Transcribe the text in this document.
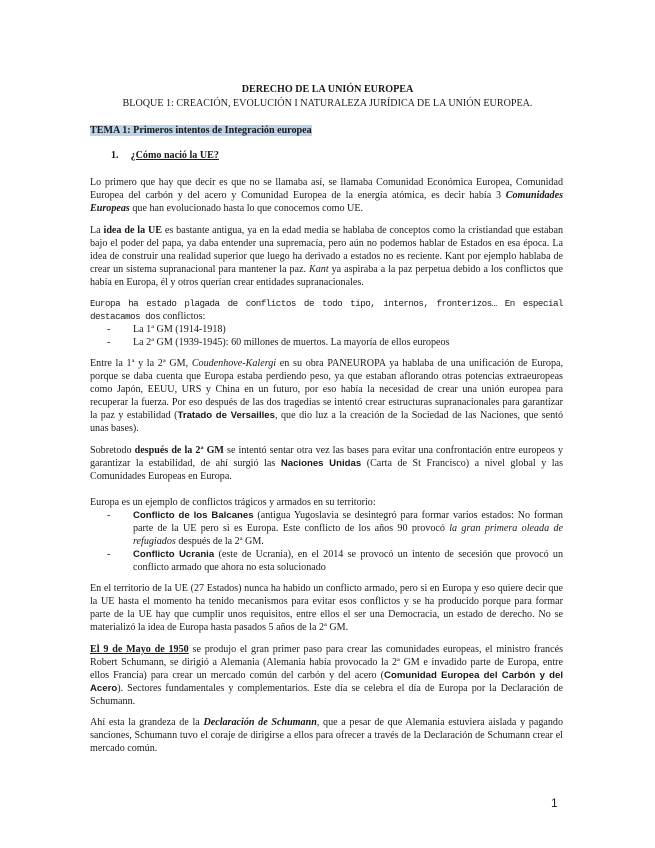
DERECHO DE LA UNIÓN EUROPEA

BLOQUE 1: CREACIÓN, EVOLUCIÓN I NATURALEZA JURÍDICA DE LA UNIÓN EUROPEA.

TEMA 1: Primeros intentos de Integración europea

1. ¿Cómo nació la UE?

Lo primero que hay que decir es que no se llamaba así, se llamaba Comunidad Económica Europea, Comunidad Europea del carbón y del acero y Comunidad Europea de la energía atómica, es decir había 3 Comunidades Europeas que han evolucionado hasta lo que conocemos como UE.

La idea de la UE es bastante antigua, ya en la edad media se hablaba de conceptos como la cristiandad que estaban bajo el poder del papa, ya daba entender una supremacía, pero aún no podemos hablar de Estados en esa época. La idea de construir una realidad superior que luego ha derivado a estados no es reciente. Kant por ejemplo hablaba de crear un sistema supranacional para mantener la paz. Kant ya aspiraba a la paz perpetua debido a los conflictos que había en Europa, él y otros querían crear entidades supranacionales.

Europa ha estado plagada de conflictos de todo tipo, internos, fronterizos… En especial destacamos dos conflictos:
- La 1ª GM (1914-1918)
- La 2ª GM (1939-1945): 60 millones de muertos. La mayoría de ellos europeos

Entre la 1ª y la 2ª GM, Coudenhove-Kalergi en su obra PANEUROPA ya hablaba de una unificación de Europa, porque se daba cuenta que Europa estaba perdiendo peso, ya que estaban aflorando otras potencias extraeuropeas como Japón, EEUU, URS y China en un futuro, por eso había la necesidad de crear una unión europea para recuperar la fuerza. Por eso después de las dos tragedias se intentó crear estructuras supranacionales para garantizar la paz y estabilidad (Tratado de Versailles, que dio luz a la creación de la Sociedad de las Naciones, que sentó unas bases).

Sobretodo después de la 2ª GM se intentó sentar otra vez las bases para evitar una confrontación entre europeos y garantizar la estabilidad, de ahí surgió las Naciones Unidas (Carta de St Francisco) a nivel global y las Comunidades Europeas en Europa.

Europa es un ejemplo de conflictos trágicos y armados en su territorio:
- Conflicto de los Balcanes (antigua Yugoslavia se desintegró para formar varios estados: No forman parte de la UE pero si es Europa. Este conflicto de los años 90 provocó la gran primera oleada de refugiados después de la 2ª GM.
- Conflicto Ucrania (este de Ucrania), en el 2014 se provocó un intento de secesión que provocó un conflicto armado que ahora no esta solucionado

En el territorio de la UE (27 Estados) nunca ha habido un conflicto armado, pero si en Europa y eso quiere decir que la UE hasta el momento ha tenido mecanismos para evitar esos conflictos y se ha producido porque para formar parte de la UE hay que cumplir unos requisitos, entre ellos el ser una Democracia, un estado de derecho. No se materializó la idea de Europa hasta pasados 5 años de la 2ª GM.

El 9 de Mayo de 1950 se produjo el gran primer paso para crear las comunidades europeas, el ministro francés Robert Schumann, se dirigió a Alemania (Alemania había provocado la 2ª GM e invadido parte de Europa, entre ellos Francia) para crear un mercado común del carbón y del acero (Comunidad Europea del Carbón y del Acero). Sectores fundamentales y complementarios. Este día se celebra el día de Europa por la Declaración de Schumann.

Ahí esta la grandeza de la Declaración de Schumann, que a pesar de que Alemania estuviera aislada y pagando sanciones, Schumann tuvo el coraje de dirigirse a ellos para ofrecer a través de la Declaración de Schumann crear el mercado común.

1
